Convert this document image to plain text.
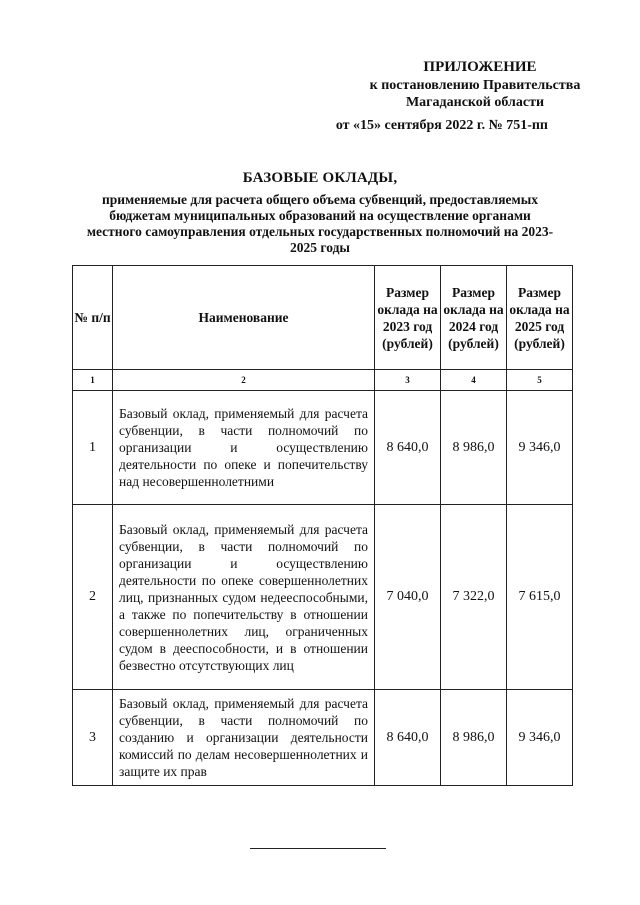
ПРИЛОЖЕНИЕ
к постановлению Правительства
Магаданской области
от «15» сентября 2022 г. № 751-пп
БАЗОВЫЕ ОКЛАДЫ,
применяемые для расчета общего объема субвенций, предоставляемых бюджетам муниципальных образований на осуществление органами местного самоуправления отдельных государственных полномочий на 2023-2025 годы
№ п/п	Наименование	Размер оклада на 2023 год (рублей)	Размер оклада на 2024 год (рублей)	Размер оклада на 2025 год (рублей)
1	2	3	4	5
1	Базовый оклад, применяемый для расчета субвенции, в части полномочий по организации и осуществлению деятельности по опеке и попечительству над несовершеннолетними	8 640,0	8 986,0	9 346,0
2	Базовый оклад, применяемый для расчета субвенции, в части полномочий по организации и осуществлению деятельности по опеке совершеннолетних лиц, признанных судом недееспособными, а также по попечительству в отношении совершеннолетних лиц, ограниченных судом в дееспособности, и в отношении безвестно отсутствующих лиц	7 040,0	7 322,0	7 615,0
3	Базовый оклад, применяемый для расчета субвенции, в части полномочий по созданию и организации деятельности комиссий по делам несовершеннолетних и защите их прав	8 640,0	8 986,0	9 346,0
